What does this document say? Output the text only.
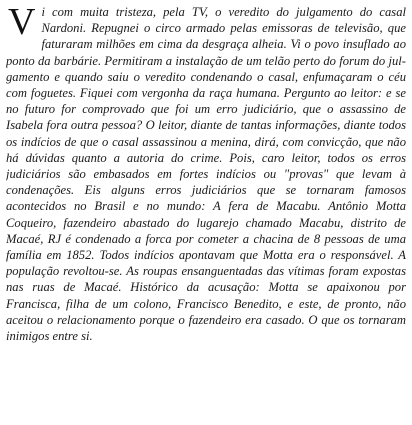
Vi com muita tristeza, pela TV, o veredito do julgamento do casal Nardoni. Repugnei o circo armado pelas emissoras de televisão, que faturaram milhões em cima da desgraça alheia. Vi o povo insuflado ao ponto da barbárie. Permitiram a instalação de um telão perto do forum do julgamento e quando saiu o veredito condenando o casal, enfumaçaram o céu com foguetes. Fiquei com vergonha da raça humana. Pergunto ao leitor: e se no futuro for comprovado que foi um erro judiciário, que o assassino de Isabela fora outra pessoa? O leitor, diante de tantas informações, diante todos os indícios de que o casal assassinou a menina, dirá, com convicção, que não há dúvidas quanto a autoria do crime. Pois, caro leitor, todos os erros judiciários são embasados em fortes indícios ou "provas" que levam à condenações. Eis alguns erros judiciários que se tornaram famosos acontecidos no Brasil e no mundo: A fera de Macabu. Antônio Motta Coqueiro, fazendeiro abastado do lugarejo chamado Macabu, distrito de Macaé, RJ é condenado a forca por cometer a chacina de 8 pessoas de uma família em 1852. Todos indícios apontavam que Motta era o responsável. A população revoltou-se. As roupas ensanguentadas das vítimas foram expostas nas ruas de Macaé. Histórico da acusação: Motta se apaixonou por Francisca, filha de um colono, Francisco Benedito, e este, de pronto, não aceitou o relacionamento porque o fazendeiro era casado. O que os tornaram inimigos entre si.
